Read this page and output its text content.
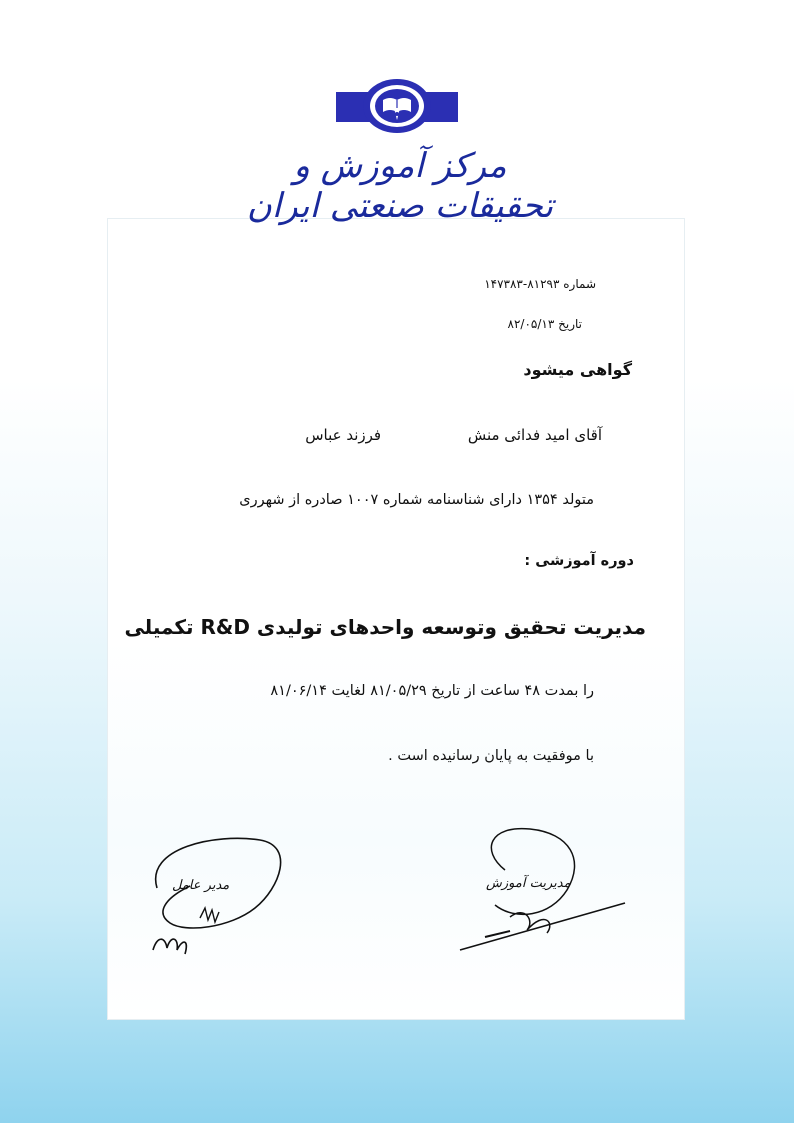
مرکز آموزش و تحقیقات صنعتی ایران
شماره ۸۱۲۹۳-۱۴۷۳۸۳
تاریخ ۸۲/۰۵/۱۳
گواهی میشود
آقای امید فدائی منش فرزند عباس
متولد ۱۳۵۴ دارای شناسنامه شماره ۱۰۰۷ صادره از شهرری
دوره آموزشی :
مدیریت تحقیق وتوسعه واحدهای تولیدی R&D تکمیلی
را بمدت ۴۸ ساعت از تاریخ ۸۱/۰۵/۲۹ لغایت ۸۱/۰۶/۱۴
با موفقیت به پایان رسانیده است .
مدیر عامل	مدیریت آموزش
